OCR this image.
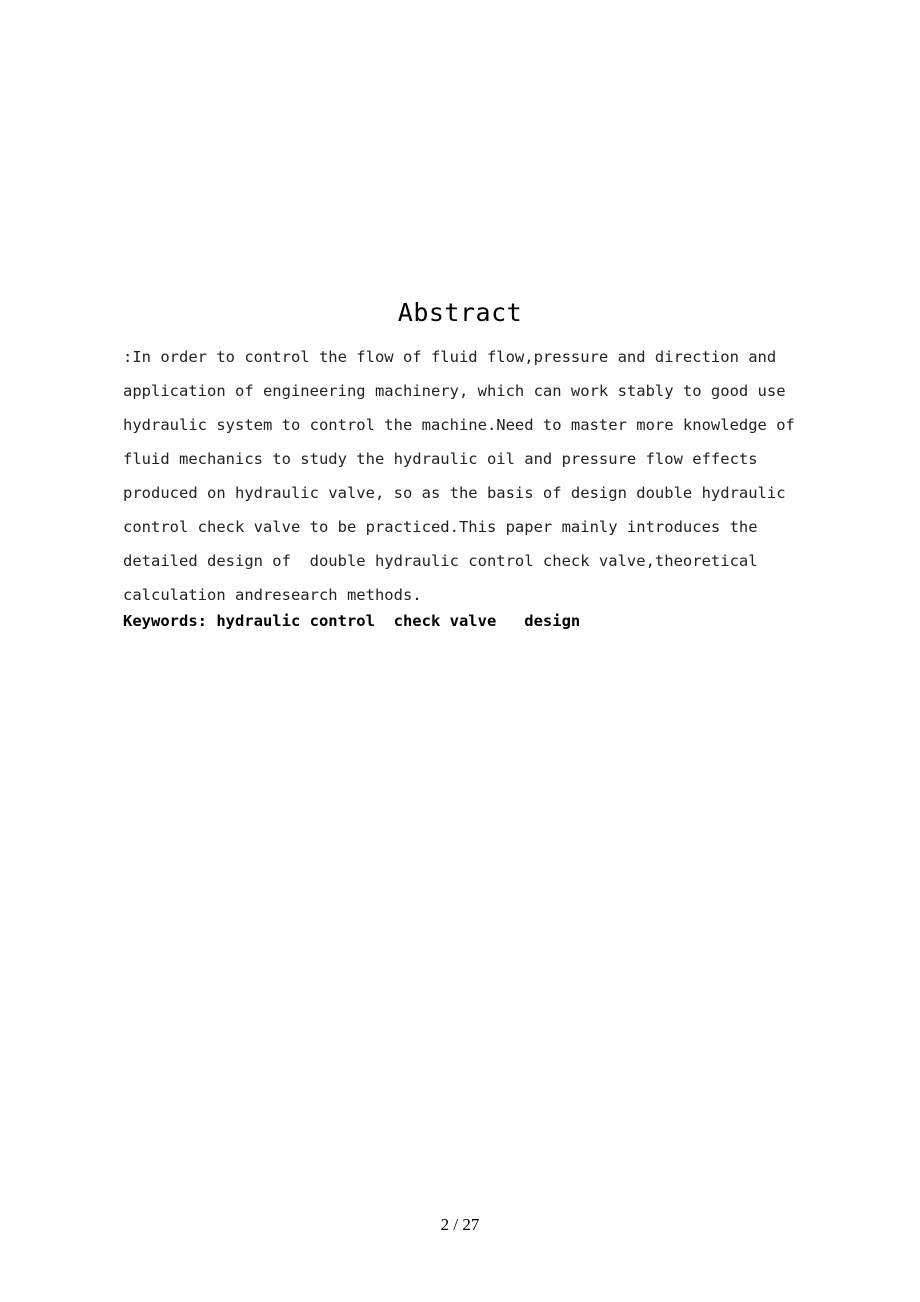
Abstract
:In order to control the flow of fluid flow,pressure and direction and
application of engineering machinery, which can work stably to good use
hydraulic system to control the machine.Need to master more knowledge of
fluid mechanics to study the hydraulic oil and pressure flow effects
produced on hydraulic valve, so as the basis of design double hydraulic
control check valve to be practiced.This paper mainly introduces the
detailed design of  double hydraulic control check valve,theoretical
calculation andresearch methods.
Keywords: hydraulic control  check valve   design
2 / 27
